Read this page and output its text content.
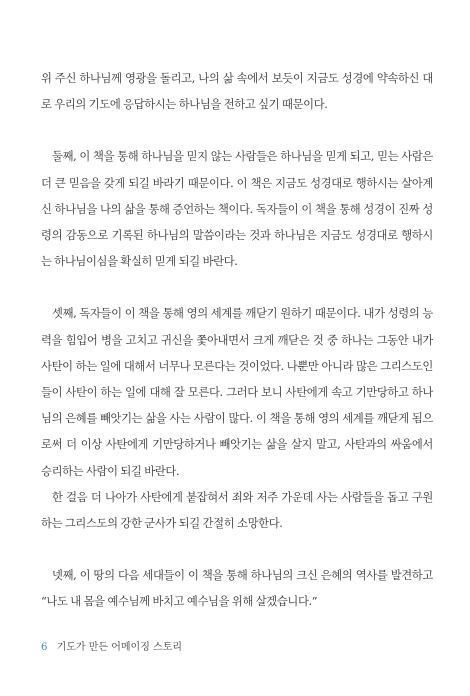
위 주신 하나님께 영광을 돌리고, 나의 삶 속에서 보듯이 지금도 성경에 약속하신 대로 우리의 기도에 응답하시는 하나님을 전하고 싶기 때문이다.

둘째, 이 책을 통해 하나님을 믿지 않는 사람들은 하나님을 믿게 되고, 믿는 사람은 더 큰 믿음을 갖게 되길 바라기 때문이다. 이 책은 지금도 성경대로 행하시는 살아계신 하나님을 나의 삶을 통해 증언하는 책이다. 독자들이 이 책을 통해 성경이 진짜 성령의 감동으로 기록된 하나님의 말씀이라는 것과 하나님은 지금도 성경대로 행하시는 하나님이심을 확실히 믿게 되길 바란다.

셋째, 독자들이 이 책을 통해 영의 세계를 깨닫기 원하기 때문이다. 내가 성령의 능력을 힘입어 병을 고치고 귀신을 쫓아내면서 크게 깨닫은 것 중 하나는 그동안 내가 사탄이 하는 일에 대해서 너무나 모른다는 것이었다. 나뿐만 아니라 많은 그리스도인들이 사탄이 하는 일에 대해 잘 모른다. 그러다 보니 사탄에게 속고 기만당하고 하나님의 은혜를 빼앗기는 삶을 사는 사람이 많다. 이 책을 통해 영의 세계를 깨닫게 됨으로써 더 이상 사탄에게 기만당하거나 빼앗기는 삶을 살지 말고, 사탄과의 싸움에서 승리하는 사람이 되길 바란다.

한 걸음 더 나아가 사탄에게 붙잡혀서 죄와 저주 가운데 사는 사람들을 돕고 구원하는 그리스도의 강한 군사가 되길 간절히 소망한다.

넷째, 이 땅의 다음 세대들이 이 책을 통해 하나님의 크신 은혜의 역사를 발견하고 “나도 내 몸을 예수님께 바치고 예수님을 위해 살겠습니다.”

6 기도가 만든 어메이징 스토리
